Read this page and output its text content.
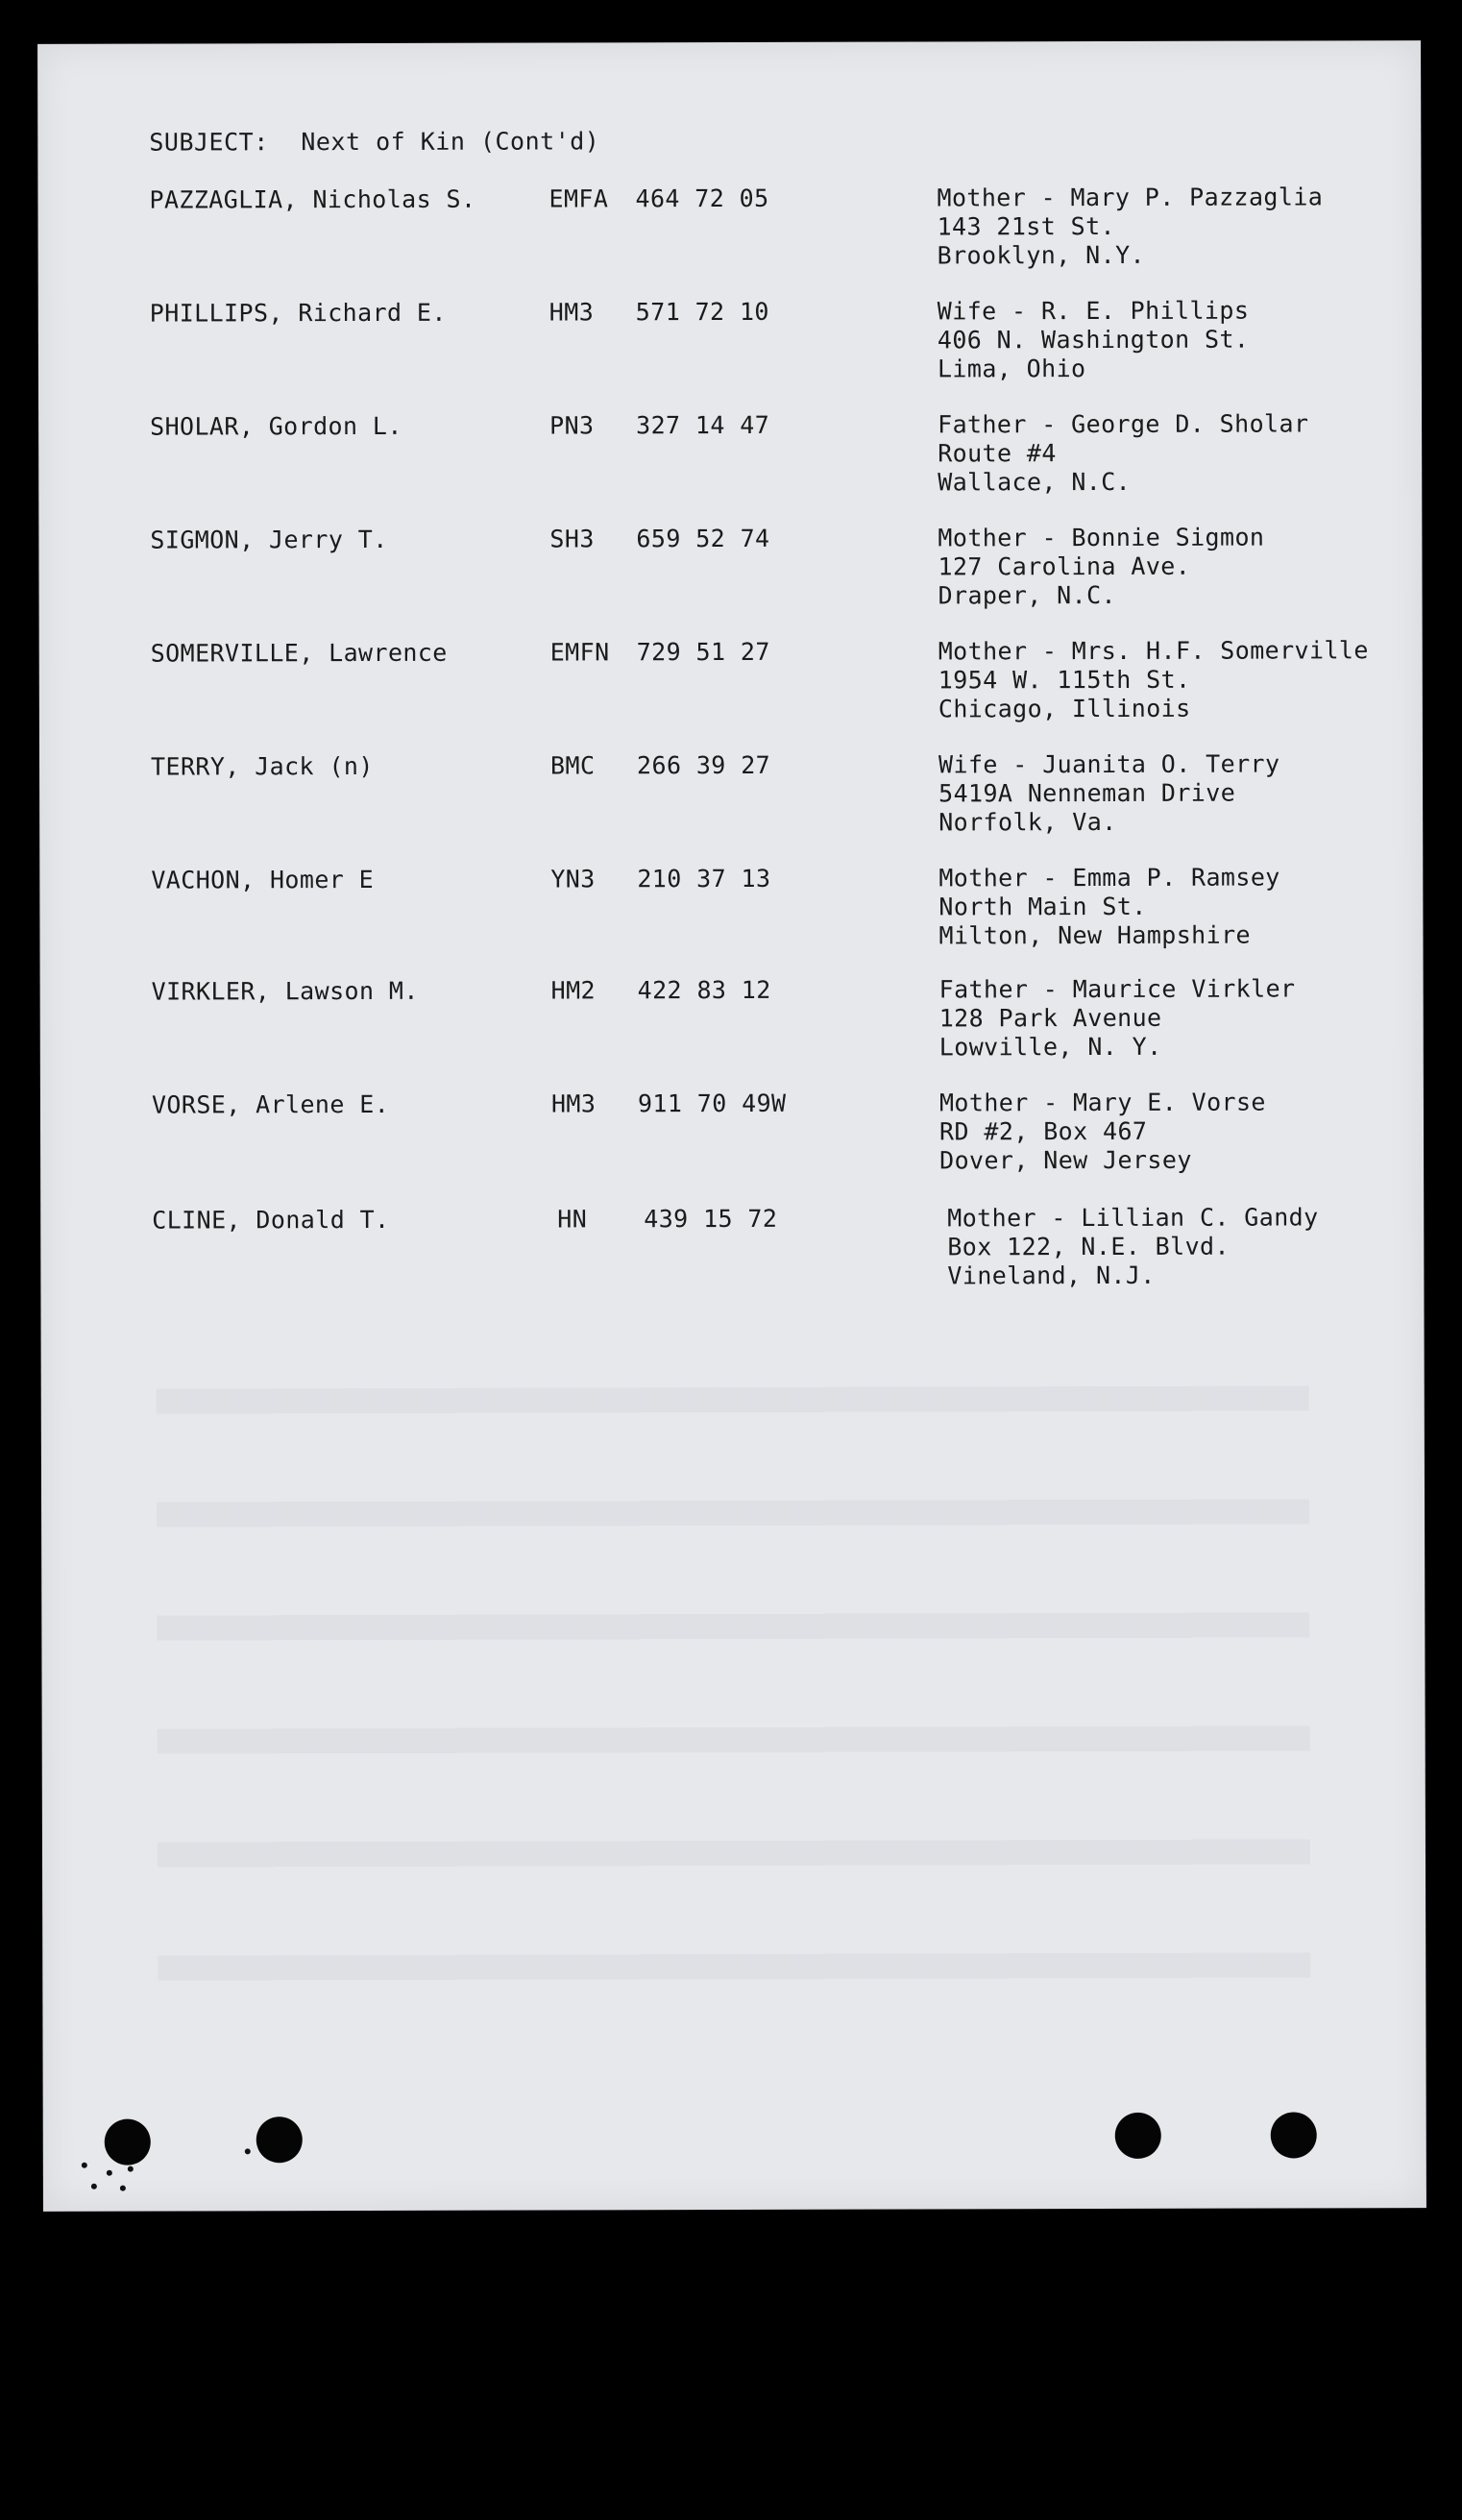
SUBJECT: Next of Kin (Cont'd)
PAZZAGLIA, Nicholas S.	EMFA 464 72 05	Mother - Mary P. Pazzaglia
143 21st St.
Brooklyn, N.Y.
PHILLIPS, Richard E.	HM3 571 72 10	Wife - R. E. Phillips
406 N. Washington St.
Lima, Ohio
SHOLAR, Gordon L.	PN3 327 14 47	Father - George D. Sholar
Route #4
Wallace, N.C.
SIGMON, Jerry T.	SH3 659 52 74	Mother - Bonnie Sigmon
127 Carolina Ave.
Draper, N.C.
SOMERVILLE, Lawrence	EMFN 729 51 27	Mother - Mrs. H.F. Somerville
1954 W. 115th St.
Chicago, Illinois
TERRY, Jack (n)	BMC 266 39 27	Wife - Juanita O. Terry
5419A Nenneman Drive
Norfolk, Va.
VACHON, Homer E	YN3 210 37 13	Mother - Emma P. Ramsey
North Main St.
Milton, New Hampshire
VIRKLER, Lawson M.	HM2 422 83 12	Father - Maurice Virkler
128 Park Avenue
Lowville, N. Y.
VORSE, Arlene E.	HM3 911 70 49W	Mother - Mary E. Vorse
RD #2, Box 467
Dover, New Jersey
CLINE, Donald T.	HN 439 15 72	Mother - Lillian C. Gandy
Box 122, N.E. Blvd.
Vineland, N.J.
